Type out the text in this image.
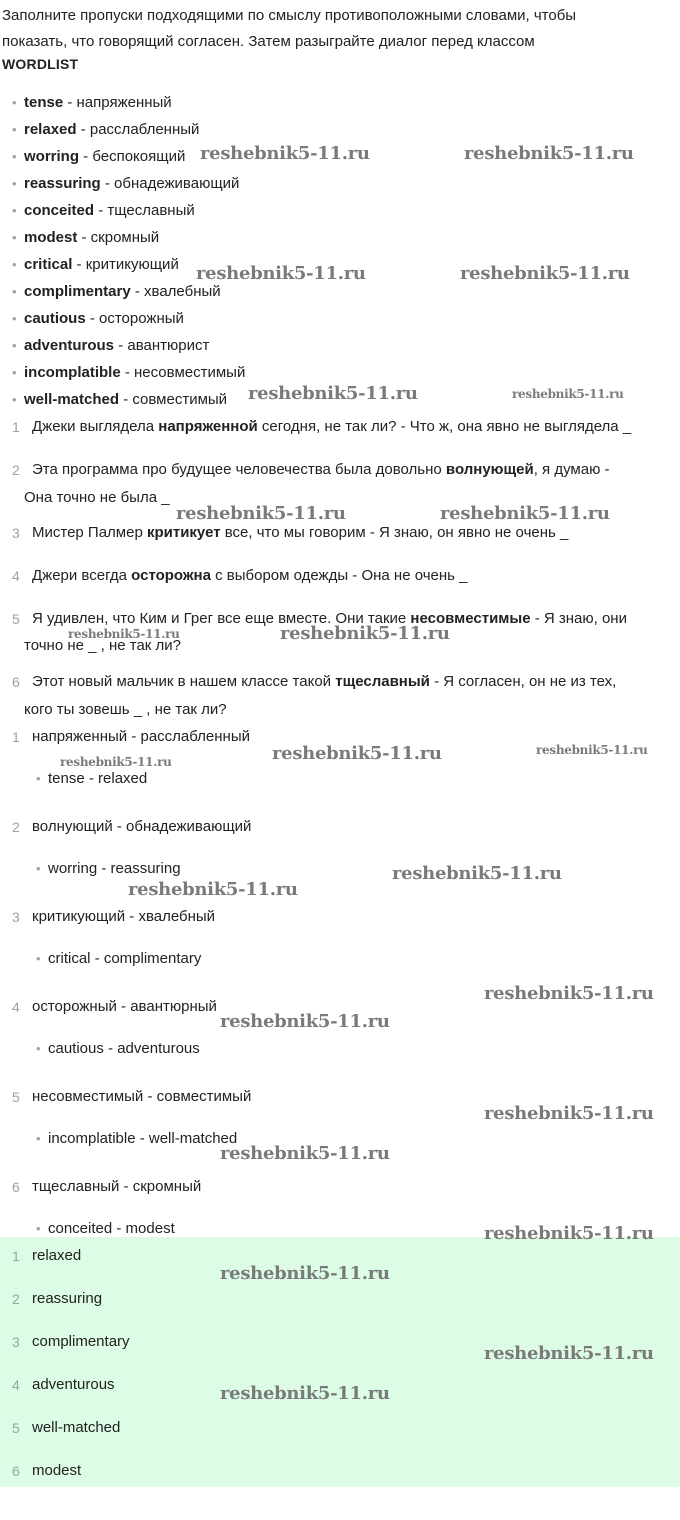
Заполните пропуски подходящими по смыслу противоположными словами, чтобы
показать, что говорящий согласен. Затем разыграйте диалог перед классом
WORDLIST
• tense - напряженный
• relaxed - расслабленный
• worring - беспокоящий
• reassuring - обнадеживающий
• conceited - тщеславный
• modest - скромный
• critical - критикующий
• complimentary - хвалебный
• cautious - осторожный
• adventurous - авантюрист
• incomplatible - несовместимый
• well-matched - совместимый
1 Джеки выглядела напряженной сегодня, не так ли? - Что ж, она явно не выглядела _
2 Эта программа про будущее человечества была довольно волнующей, я думаю -
Она точно не была _
3 Мистер Палмер критикует все, что мы говорим - Я знаю, он явно не очень _
4 Джери всегда осторожна с выбором одежды - Она не очень _
5 Я удивлен, что Ким и Грег все еще вместе. Они такие несовместимые - Я знаю, они
точно не _ , не так ли?
6 Этот новый мальчик в нашем классе такой тщеславный - Я согласен, он не из тех,
кого ты зовешь _ , не так ли?
1 напряженный - расслабленный
• tense - relaxed
2 волнующий - обнадеживающий
• worring - reassuring
3 критикующий - хвалебный
• critical - complimentary
4 осторожный - авантюрный
• cautious - adventurous
5 несовместимый - совместимый
• incomplatible - well-matched
6 тщеславный - скромный
• conceited - modest
1 relaxed
2 reassuring
3 complimentary
4 adventurous
5 well-matched
6 modest
reshebnik5-11.ru	reshebnik5-11.ru
reshebnik5-11.ru	reshebnik5-11.ru
reshebnik5-11.ru	reshebnik5-11.ru
reshebnik5-11.ru	reshebnik5-11.ru
reshebnik5-11.ru	reshebnik5-11.ru
reshebnik5-11.ru	reshebnik5-11.ru
reshebnik5-11.ru
reshebnik5-11.ru
reshebnik5-11.ru
reshebnik5-11.ru
reshebnik5-11.ru
reshebnik5-11.ru
reshebnik5-11.ru
reshebnik5-11.ru
reshebnik5-11.ru
reshebnik5-11.ru
reshebnik5-11.ru
